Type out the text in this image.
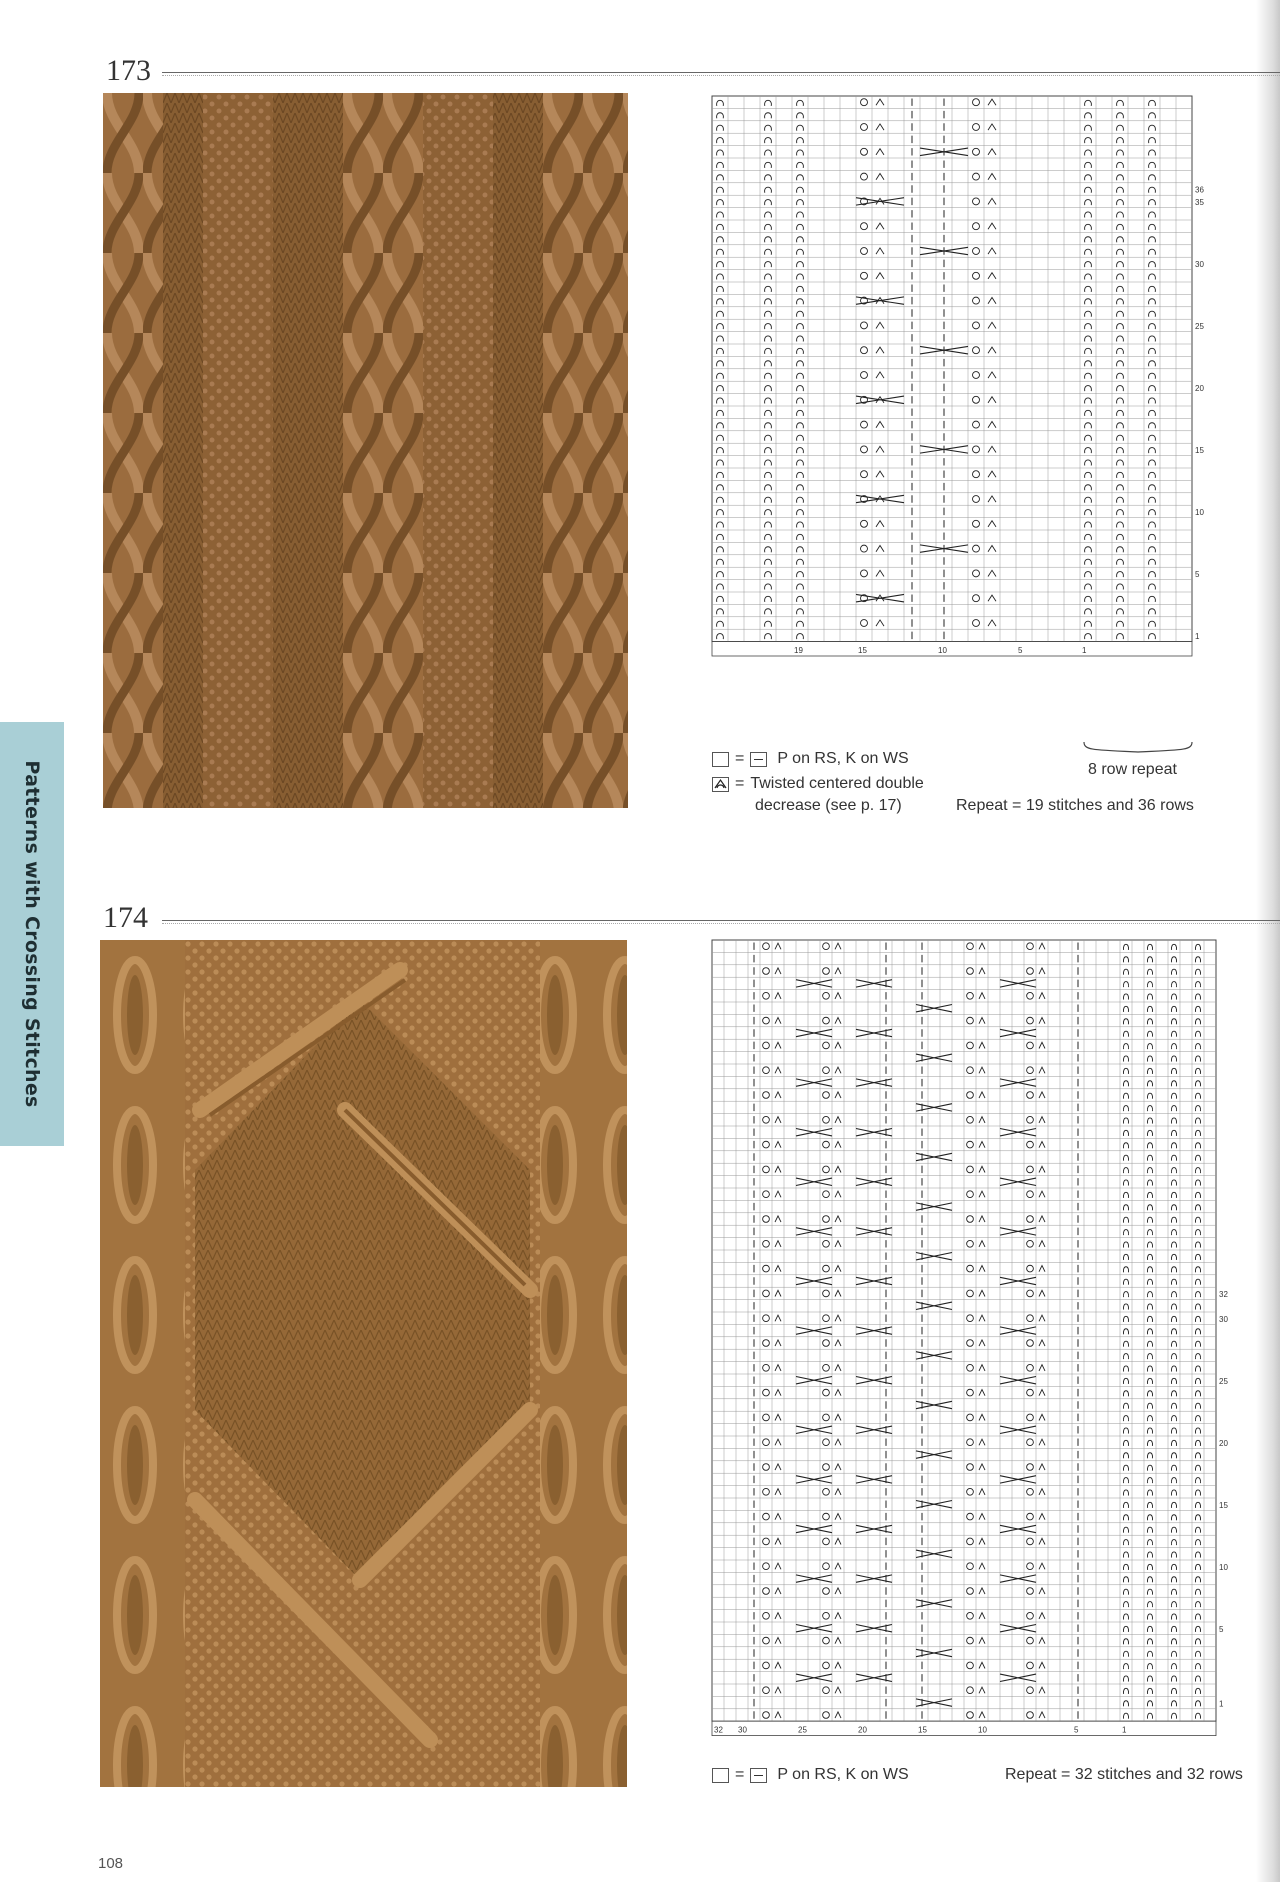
Patterns with Crossing Stitches
173
36
35
30
25
20
15
10
5
1
19	15	10	5	1
= P on RS, K on WS
= Twisted centered double
decrease (see p. 17)
8 row repeat
Repeat = 19 stitches and 36 rows
174
32
30
25
20
15
10
5
1
32 30	25	20	15	10	5	1
= P on RS, K on WS	Repeat = 32 stitches and 32 rows
108
